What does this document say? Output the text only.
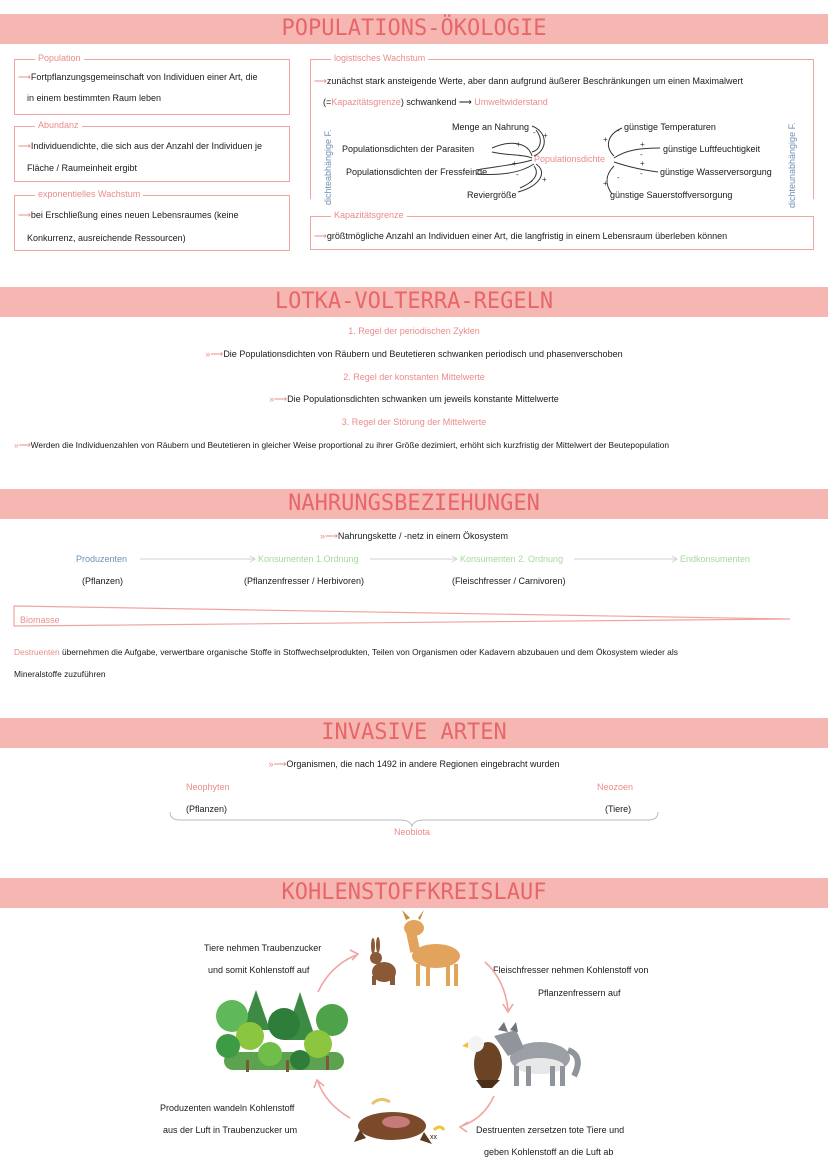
POPULATIONS-ÖKOLOGIE
Population
⟶Fortpflanzungsgemeinschaft von Individuen einer Art, die
in einem bestimmten Raum leben
Abundanz
⟶Individuendichte, die sich aus der Anzahl der Individuen je
Fläche / Raumeinheit ergibt
exponentielles Wachstum
⟶bei Erschließung eines neuen Lebensraumes (keine
Konkurrenz, ausreichende Ressourcen)
logistisches Wachstum
⟶zunächst stark ansteigende Werte, aber dann aufgrund äußerer Beschränkungen um einen Maximalwert
(=Kapazitätsgrenze) schwankend ⟶ Umweltwiderstand
dichteabhängige F.	dichteunabhängige F.
Menge an Nahrung
Populationsdichten der Parasiten
Populationsdichten der Fressfeinde
Reviergröße
Populationsdichte
günstige Temperaturen
günstige Luftfeuchtigkeit
günstige Wasserversorgung
günstige Sauerstoffversorgung
+
-
+
-
+
-
+
-
+
-
+
-
+
-
+
-
Kapazitätsgrenze
⟶größtmögliche Anzahl an Individuen einer Art, die langfristig in einem Lebensraum überleben können
LOTKA-VOLTERRA-REGELN
1. Regel der periodischen Zyklen
»⟶Die Populationsdichten von Räubern und Beutetieren schwanken periodisch und phasenverschoben
2. Regel der konstanten Mittelwerte
»⟶Die Populationsdichten schwanken um jeweils konstante Mittelwerte
3. Regel der Störung der Mittelwerte
»⟶Werden die Individuenzahlen von Räubern und Beutetieren in gleicher Weise proportional zu ihrer Größe dezimiert, erhöht sich kurzfristig der Mittelwert der Beutepopulation
NAHRUNGSBEZIEHUNGEN
»⟶Nahrungskette / -netz in einem Ökosystem
Produzenten
(Pflanzen)
Konsumenten 1.Ordnung
(Pflanzenfresser / Herbivoren)
Konsumenten 2. Ordnung
(Fleischfresser / Carnivoren)
Endkonsumenten
Biomasse
Destruenten übernehmen die Aufgabe, verwertbare organische Stoffe in Stoffwechselprodukten, Teilen von Organismen oder Kadavern abzubauen und dem Ökosystem wieder als
Mineralstoffe zuzuführen
INVASIVE ARTEN
»⟶Organismen, die nach 1492 in andere Regionen eingebracht wurden
Neophyten
(Pflanzen)
Neozoen
(Tiere)
Neobiota
KOHLENSTOFFKREISLAUF
Tiere nehmen Traubenzucker
und somit Kohlenstoff auf	Fleischfresser nehmen Kohlenstoff von
Pflanzenfressern auf
Produzenten wandeln Kohlenstoff
aus der Luft in Traubenzucker um	Destruenten zersetzen tote Tiere und
geben Kohlenstoff an die Luft ab
xx
